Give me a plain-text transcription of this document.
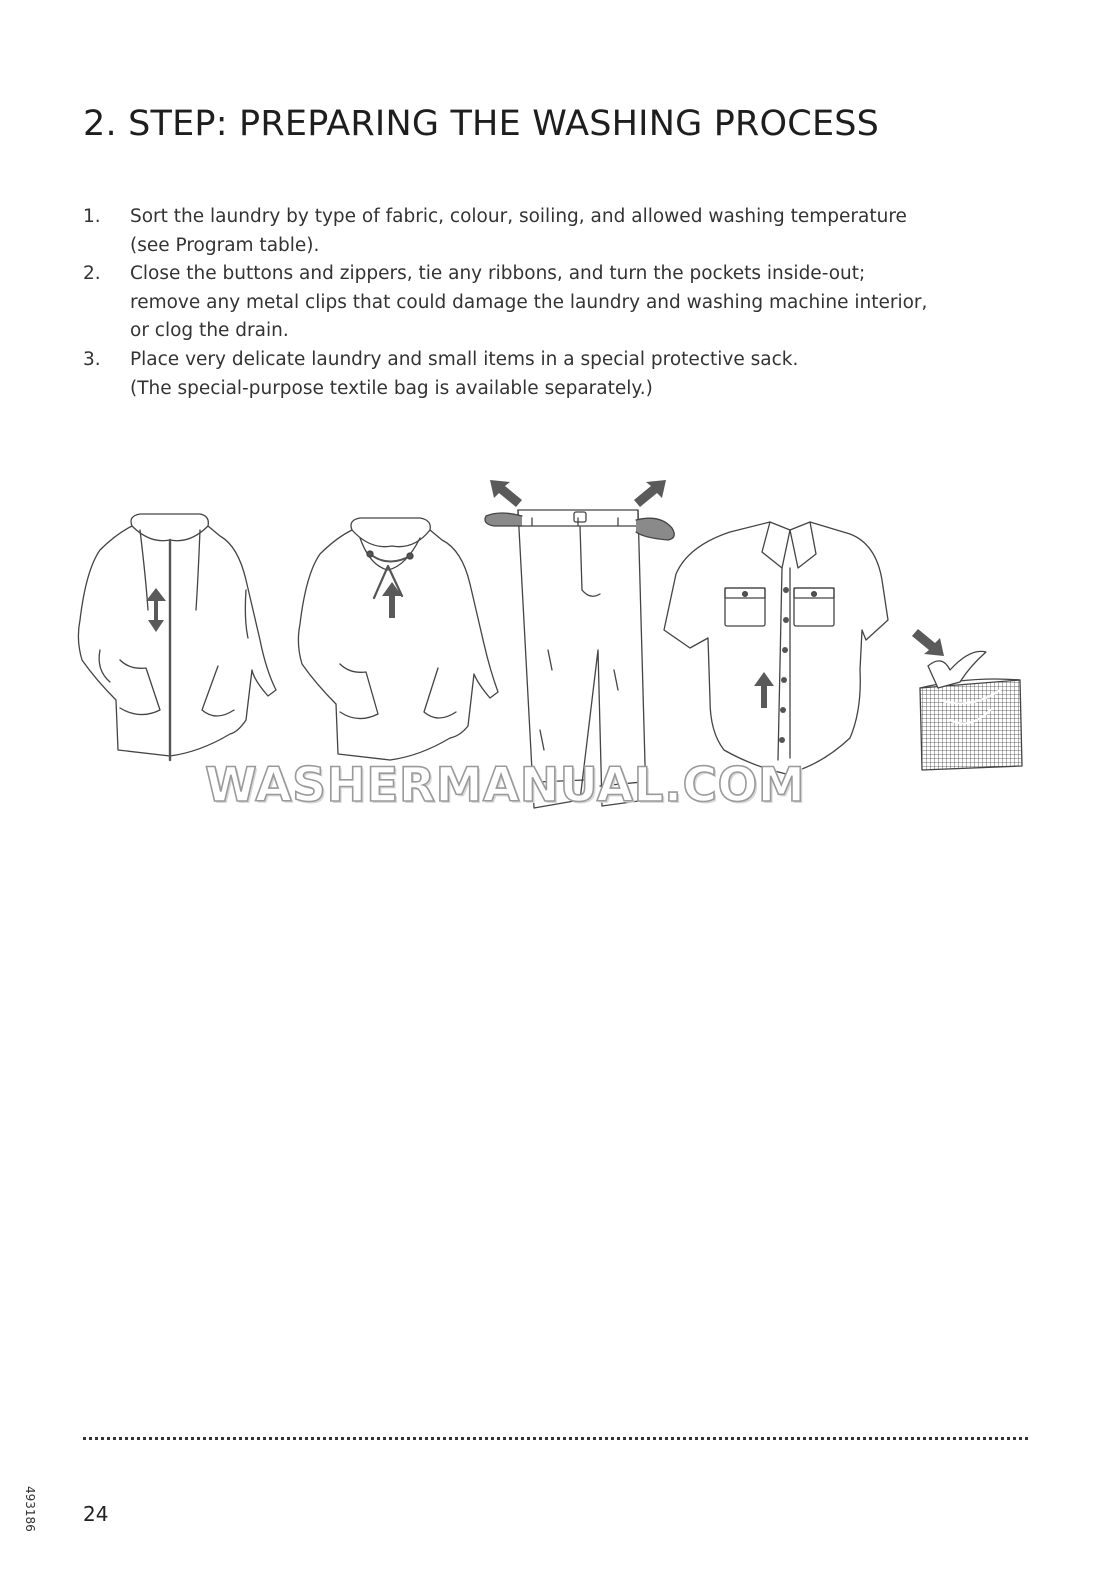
2. STEP: PREPARING THE WASHING PROCESS
1. Sort the laundry by type of fabric, colour, soiling, and allowed washing temperature
(see Program table).
2. Close the buttons and zippers, tie any ribbons, and turn the pockets inside-out;
remove any metal clips that could damage the laundry and washing machine interior,
or clog the drain.
3. Place very delicate laundry and small items in a special protective sack.
(The special-purpose textile bag is available separately.)
WASHERMANUAL.COM
493186 24
